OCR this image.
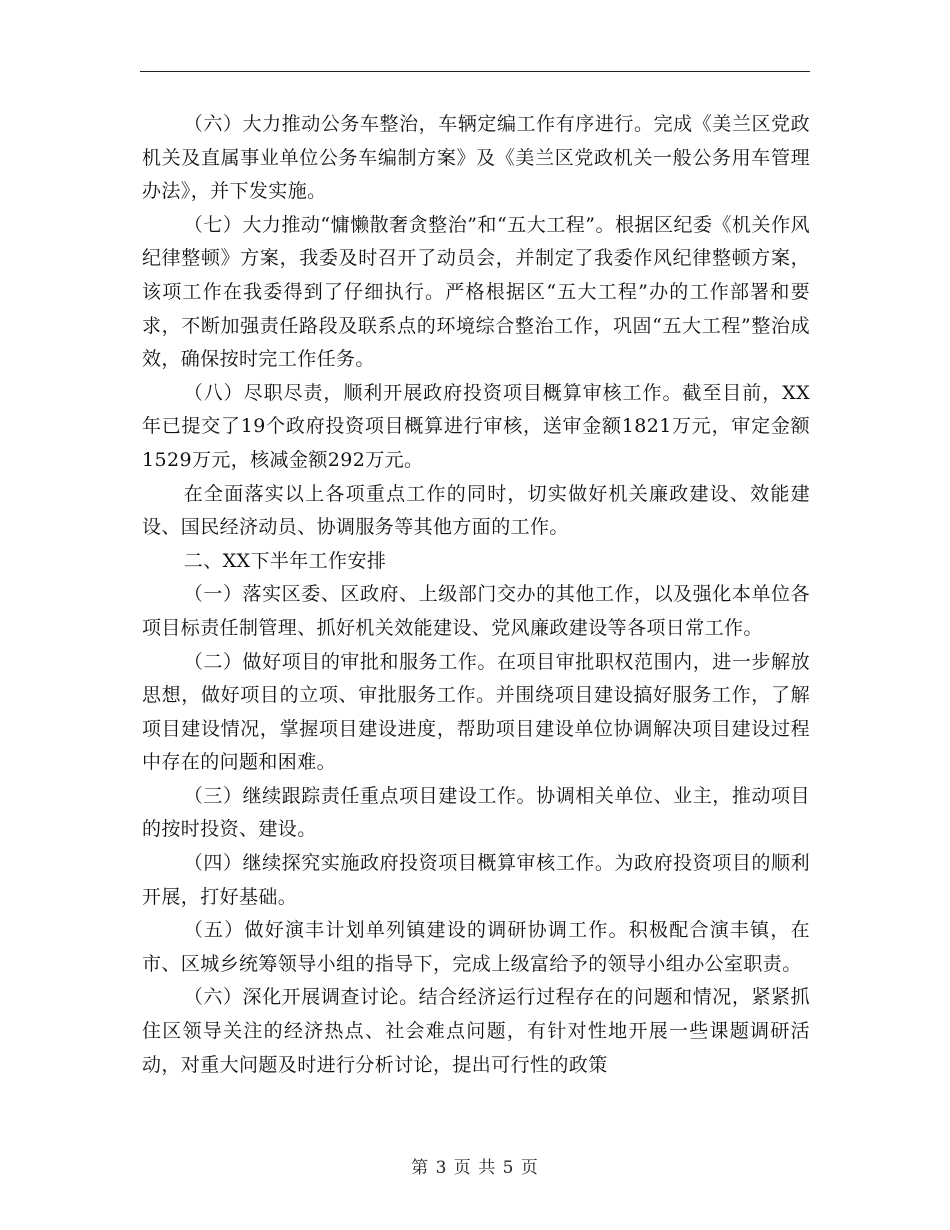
（六）大力推动公务车整治，车辆定编工作有序进行。完成《美兰区党政机关及直属事业单位公务车编制方案》及《美兰区党政机关一般公务用车管理办法》，并下发实施。

（七）大力推动“慵懒散奢贪整治”和“五大工程”。根据区纪委《机关作风纪律整顿》方案，我委及时召开了动员会，并制定了我委作风纪律整顿方案，该项工作在我委得到了仔细执行。严格根据区“五大工程”办的工作部署和要求，不断加强责任路段及联系点的环境综合整治工作，巩固“五大工程”整治成效，确保按时完工作任务。

（八）尽职尽责，顺利开展政府投资项目概算审核工作。截至目前，XX年已提交了19个政府投资项目概算进行审核，送审金额1821万元，审定金额1529万元，核减金额292万元。

在全面落实以上各项重点工作的同时，切实做好机关廉政建设、效能建设、国民经济动员、协调服务等其他方面的工作。

二、XX下半年工作安排

（一）落实区委、区政府、上级部门交办的其他工作，以及强化本单位各项目标责任制管理、抓好机关效能建设、党风廉政建设等各项日常工作。

（二）做好项目的审批和服务工作。在项目审批职权范围内，进一步解放思想，做好项目的立项、审批服务工作。并围绕项目建设搞好服务工作，了解项目建设情况，掌握项目建设进度，帮助项目建设单位协调解决项目建设过程中存在的问题和困难。

（三）继续跟踪责任重点项目建设工作。协调相关单位、业主，推动项目的按时投资、建设。

（四）继续探究实施政府投资项目概算审核工作。为政府投资项目的顺利开展，打好基础。

（五）做好演丰计划单列镇建设的调研协调工作。积极配合演丰镇，在市、区城乡统筹领导小组的指导下，完成上级富给予的领导小组办公室职责。

（六）深化开展调查讨论。结合经济运行过程存在的问题和情况，紧紧抓住区领导关注的经济热点、社会难点问题，有针对性地开展一些课题调研活动，对重大问题及时进行分析讨论，提出可行性的政策

第 3 页 共 5 页
